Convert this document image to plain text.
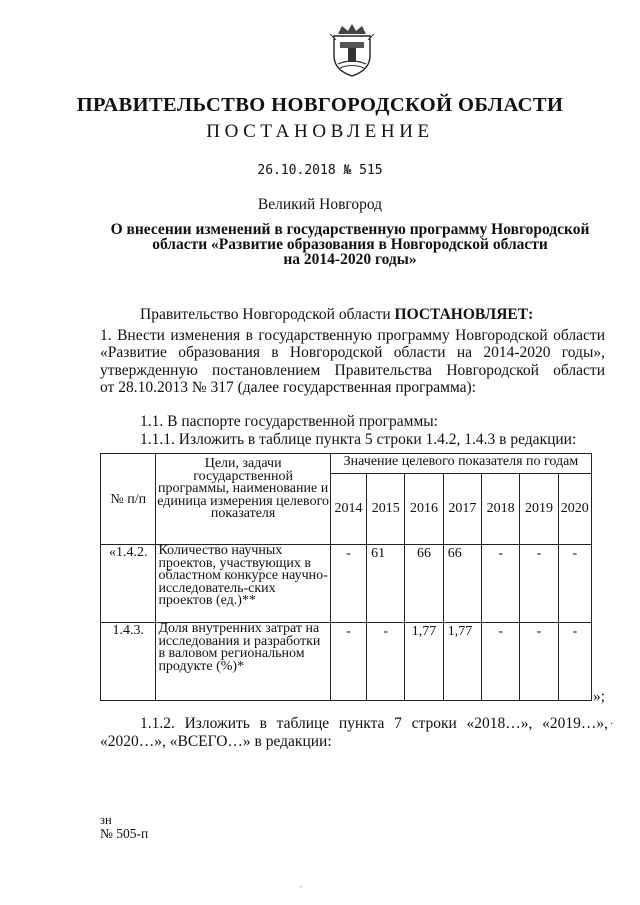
ПРАВИТЕЛЬСТВО НОВГОРОДСКОЙ ОБЛАСТИ
ПОСТАНОВЛЕНИЕ
26.10.2018 № 515
Великий Новгород
О внесении изменений в государственную программу Новгородской
области «Развитие образования в Новгородской области
на 2014-2020 годы»
Правительство Новгородской области ПОСТАНОВЛЯЕТ:
1. Внести изменения в государственную программу Новгородской области «Развитие образования в Новгородской области на 2014-2020 годы»,
утвержденную постановлением Правительства Новгородской области
от 28.10.2013 № 317 (далее государственная программа):
1.1. В паспорте государственной программы:
1.1.1. Изложить в таблице пункта 5 строки 1.4.2, 1.4.3 в редакции:
№ п/п	Цели, задачи государственной программы, наименование и единица измерения целевого показателя	Значение целевого показателя по годам						
		2014	2015	2016	2017	2018	2019	2020
«1.4.2.	Количество научных проектов, участвующих в областном конкурсе научно-исследователь-ских проектов (ед.)**	-	61	66	66	-	-	-
1.4.3.	Доля внутренних затрат на исследования и разработки в валовом региональном продукте (%)*	-	-	1,77	1,77	-	-	-
»;
1.1.2. Изложить в таблице пункта 7 строки «2018…», «2019…», ·
«2020…», «ВСЕГО…» в редакции:
зн
№ 505-п
.
